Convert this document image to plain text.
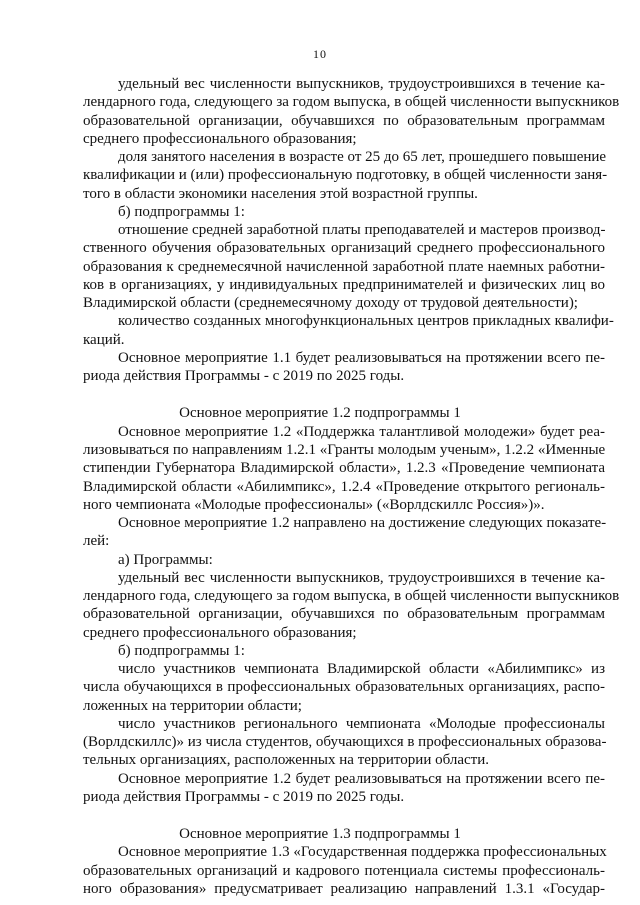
10
удельный вес численности выпускников, трудоустроившихся в течение ка-
лендарного года, следующего за годом выпуска, в общей численности выпускников
образовательной организации, обучавшихся по образовательным программам
среднего профессионального образования;
доля занятого населения в возрасте от 25 до 65 лет, прошедшего повышение
квалификации и (или) профессиональную подготовку, в общей численности заня-
того в области экономики населения этой возрастной группы.
б) подпрограммы 1:
отношение средней заработной платы преподавателей и мастеров производ-
ственного обучения образовательных организаций среднего профессионального
образования к среднемесячной начисленной заработной плате наемных работни-
ков в организациях, у индивидуальных предпринимателей и физических лиц во
Владимирской области (среднемесячному доходу от трудовой деятельности);
количество созданных многофункциональных центров прикладных квалифи-
каций.
Основное мероприятие 1.1 будет реализовываться на протяжении всего пе-
риода действия Программы - с 2019 по 2025 годы.
Основное мероприятие 1.2 подпрограммы 1
Основное мероприятие 1.2 «Поддержка талантливой молодежи» будет реа-
лизовываться по направлениям 1.2.1 «Гранты молодым ученым», 1.2.2 «Именные
стипендии Губернатора Владимирской области», 1.2.3 «Проведение чемпионата
Владимирской области «Абилимпикс», 1.2.4 «Проведение открытого региональ-
ного чемпионата «Молодые профессионалы» («Ворлдскиллс Россия»)».
Основное мероприятие 1.2 направлено на достижение следующих показате-
лей:
а) Программы:
удельный вес численности выпускников, трудоустроившихся в течение ка-
лендарного года, следующего за годом выпуска, в общей численности выпускников
образовательной организации, обучавшихся по образовательным программам
среднего профессионального образования;
б) подпрограммы 1:
число участников чемпионата Владимирской области «Абилимпикс» из
числа обучающихся в профессиональных образовательных организациях, распо-
ложенных на территории области;
число участников регионального чемпионата «Молодые профессионалы
(Ворлдскиллс)» из числа студентов, обучающихся в профессиональных образова-
тельных организациях, расположенных на территории области.
Основное мероприятие 1.2 будет реализовываться на протяжении всего пе-
риода действия Программы - с 2019 по 2025 годы.
Основное мероприятие 1.3 подпрограммы 1
Основное мероприятие 1.3 «Государственная поддержка профессиональных
образовательных организаций и кадрового потенциала системы профессиональ-
ного образования» предусматривает реализацию направлений 1.3.1 «Государ-
